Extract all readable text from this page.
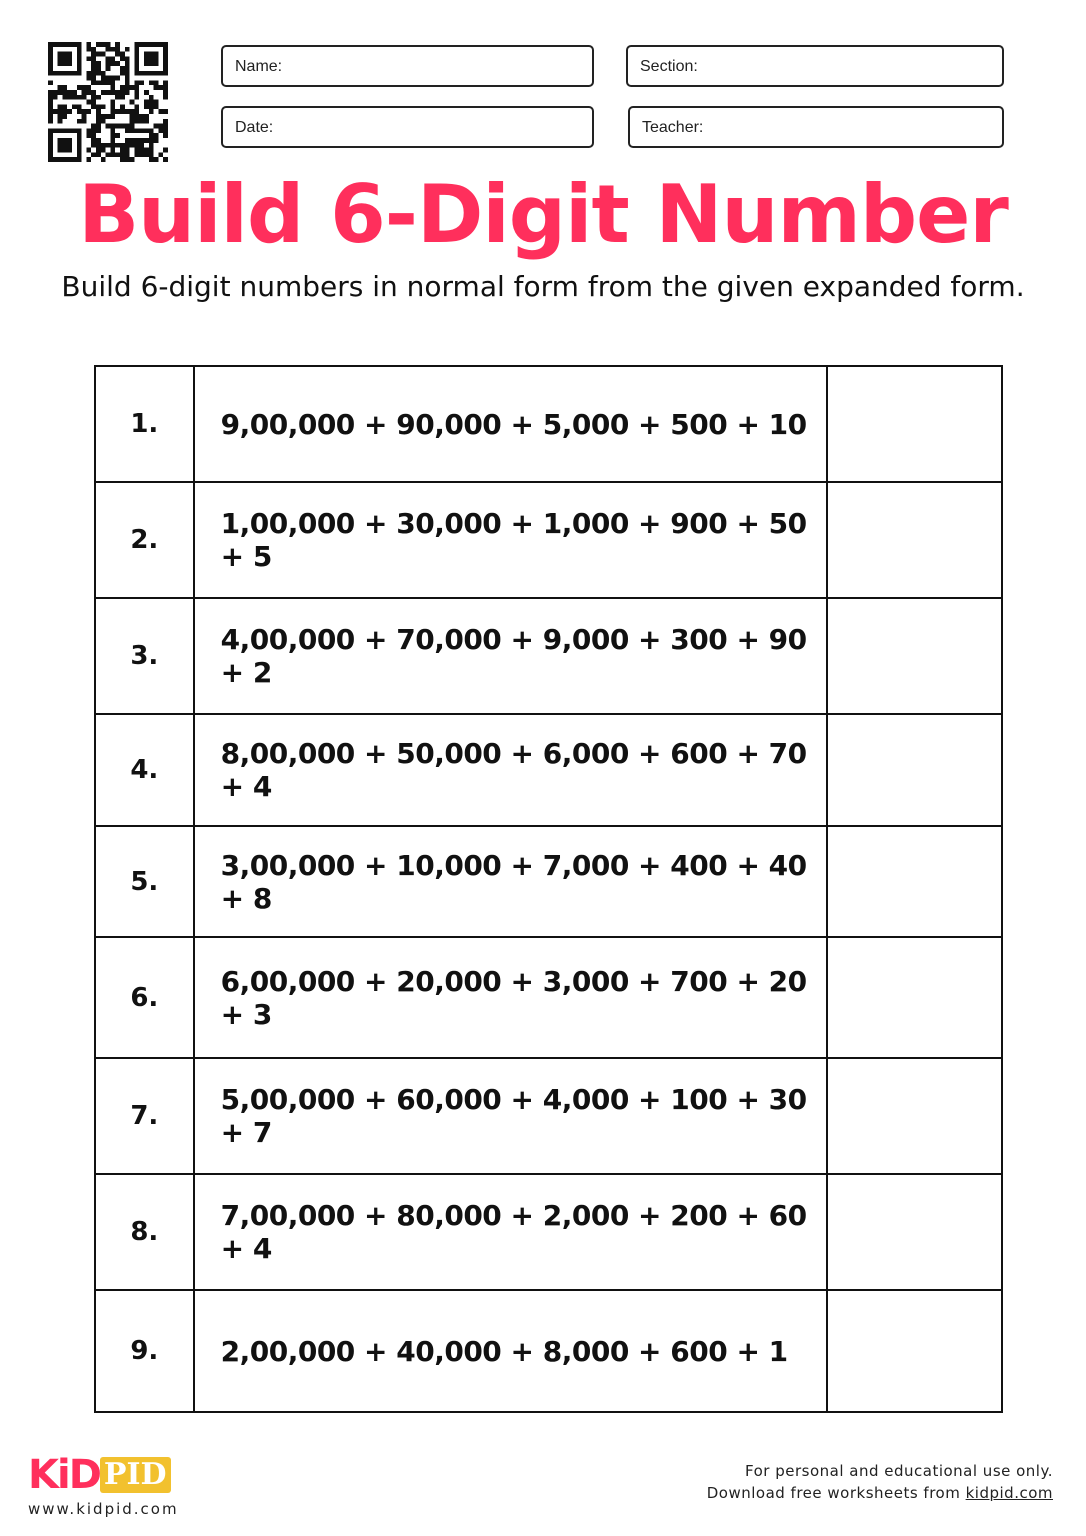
Name:	Section:
Date:	Teacher:
Build 6-Digit Number
Build 6-digit numbers in normal form from the given expanded form.
1.	9,00,000 + 90,000 + 5,000 + 500 + 10	
2.	1,00,000 + 30,000 + 1,000 + 900 + 50 + 5	
3.	4,00,000 + 70,000 + 9,000 + 300 + 90 + 2	
4.	8,00,000 + 50,000 + 6,000 + 600 + 70 + 4	
5.	3,00,000 + 10,000 + 7,000 + 400 + 40 + 8	
6.	6,00,000 + 20,000 + 3,000 + 700 + 20 + 3	
7.	5,00,000 + 60,000 + 4,000 + 100 + 30 + 7	
8.	7,00,000 + 80,000 + 2,000 + 200 + 60 + 4	
9.	2,00,000 + 40,000 + 8,000 + 600 + 1	
KiD PID
www.kidpid.com
For personal and educational use only.
Download free worksheets from kidpid.com
